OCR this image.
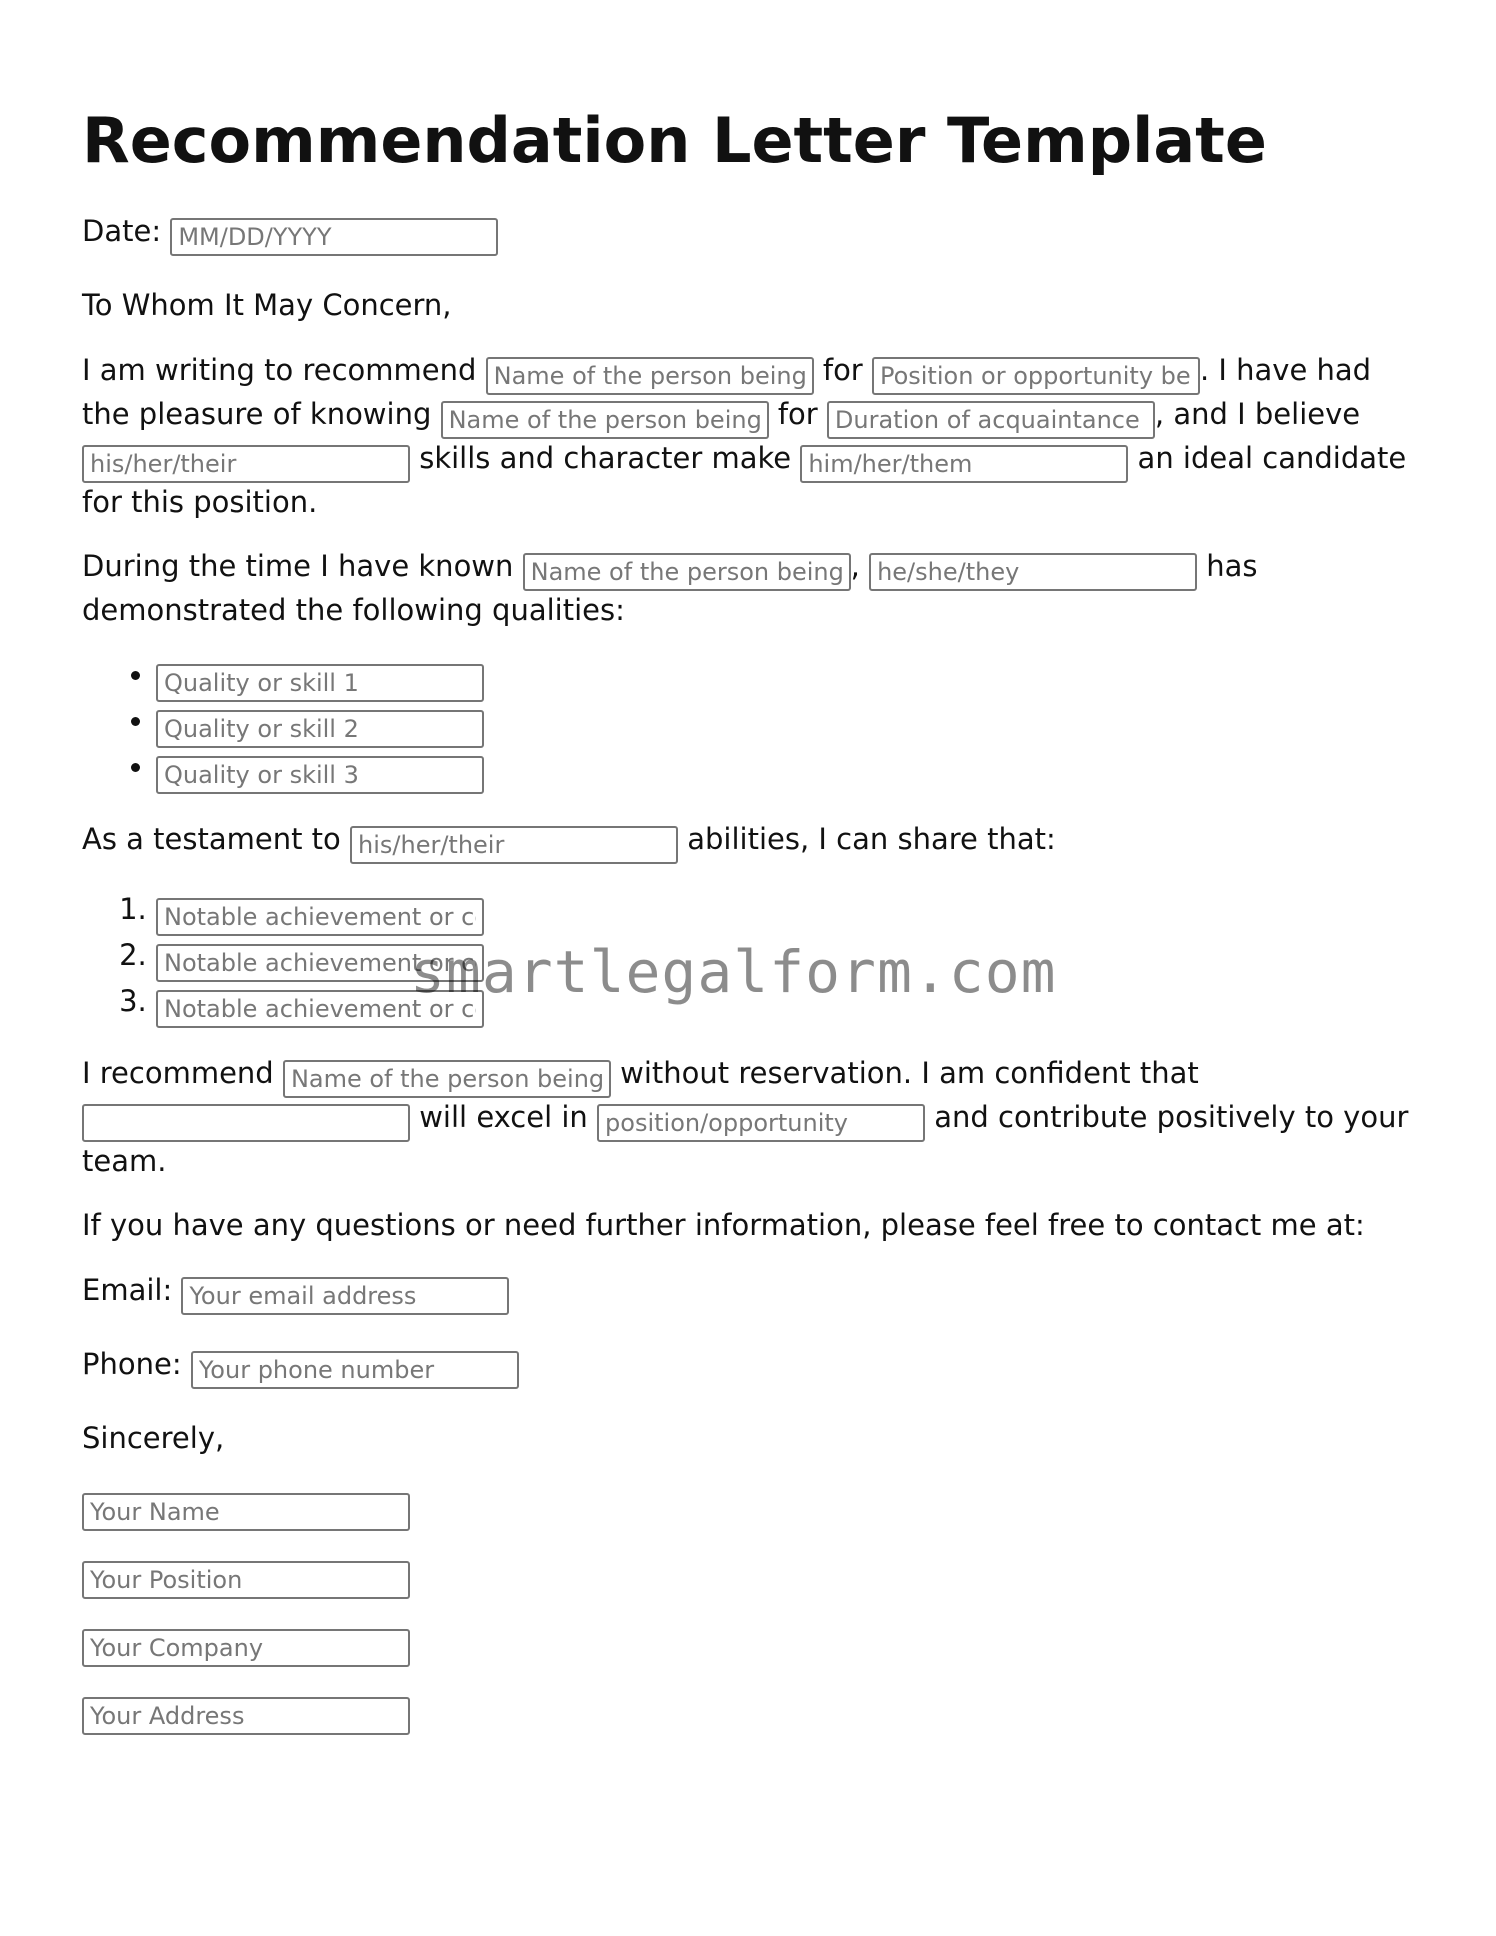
Recommendation Letter Template

Date: MM/DD/YYYY

To Whom It May Concern,

I am writing to recommend Name of the person being	for Position or opportunity bei	. I have had the pleasure of knowing Name of the person being	for Duration of acquaintance	, and I believe his/her/their skills and character make him/her/them	an ideal candidate for this position.

During the time I have known Name of the person being	, he/she/they	has demonstrated the following qualities:

• Quality or skill 1
• Quality or skill 2
• Quality or skill 3

As a testament to his/her/their	abilities, I can share that:

1. Notable achievement or co
2. Notable achievement or co
3. Notable achievement or co

I recommend Name of the person being	without reservation. I am confident that  will excel in position/opportunity	and contribute positively to your team.

If you have any questions or need further information, please feel free to contact me at:

Email: Your email address

Phone: Your phone number

Sincerely,

Your Name
Your Position
Your Company
Your Address
smartlegalform.com
